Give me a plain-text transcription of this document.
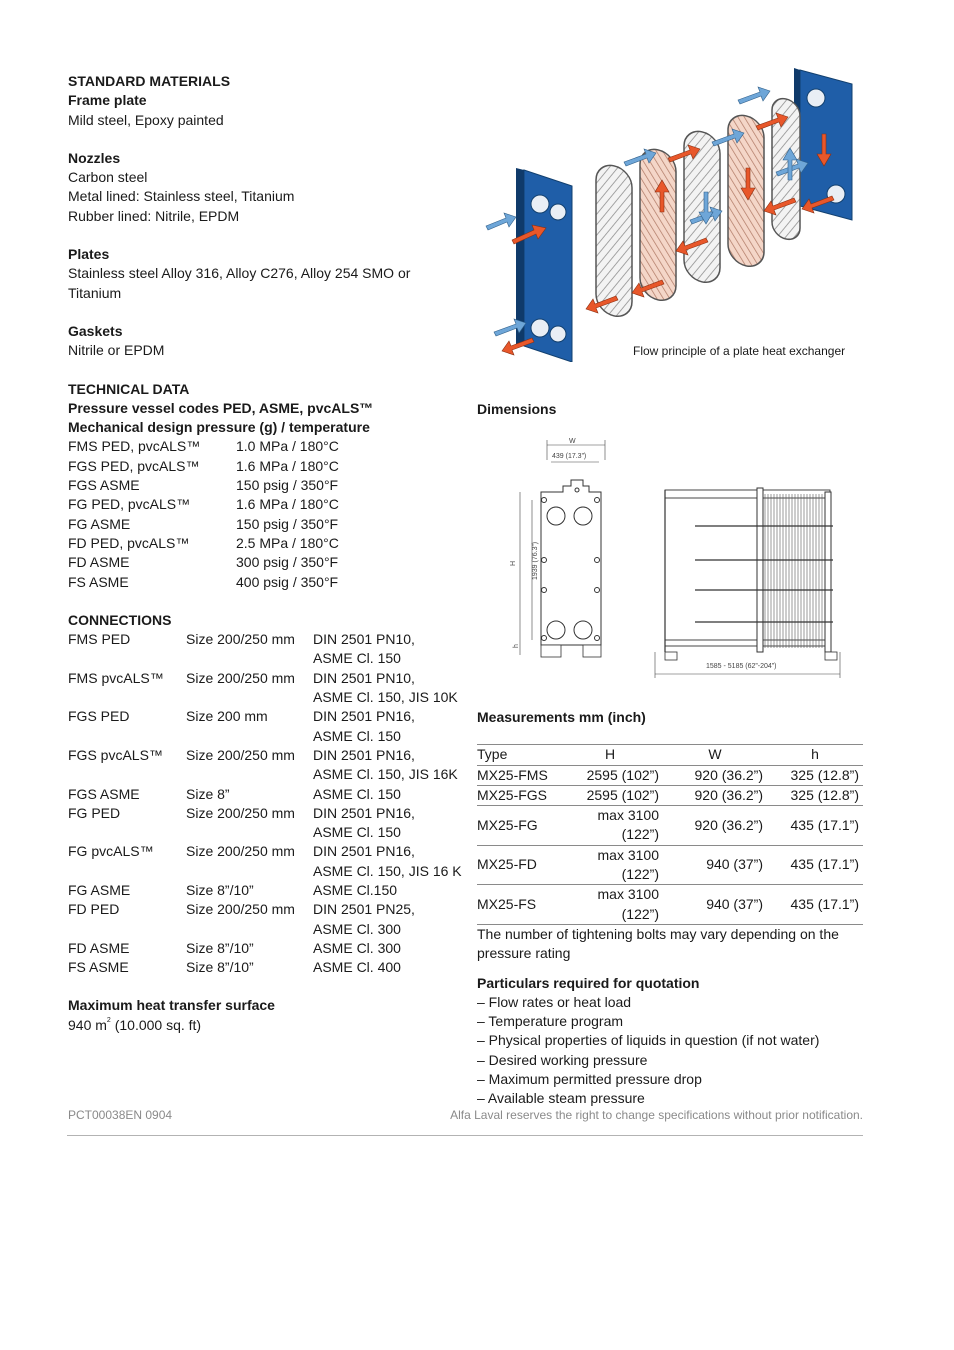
STANDARD MATERIALS
Frame plate
Mild steel, Epoxy painted
Nozzles
Carbon steel
Metal lined: Stainless steel, Titanium
Rubber lined: Nitrile, EPDM
Plates
Stainless steel Alloy 316, Alloy C276, Alloy 254 SMO or
Titanium
Gaskets
Nitrile or EPDM
TECHNICAL DATA
Pressure vessel codes PED, ASME, pvcALS™
Mechanical design pressure (g) / temperature
FMS PED, pvcALS™	1.0 MPa / 180°C
FGS PED, pvcALS™	1.6 MPa / 180°C
FGS ASME	150 psig / 350°F
FG PED, pvcALS™	1.6 MPa / 180°C
FG ASME	150 psig / 350°F
FD PED, pvcALS™	2.5 MPa / 180°C
FD ASME	300 psig / 350°F
FS ASME	400 psig / 350°F
CONNECTIONS
FMS PED	Size 200/250 mm	DIN 2501 PN10,
ASME Cl. 150
FMS pvcALS™	Size 200/250 mm	DIN 2501 PN10,
ASME Cl. 150, JIS 10K
FGS PED	Size 200 mm	DIN 2501 PN16,
ASME Cl. 150
FGS pvcALS™	Size 200/250 mm	DIN 2501 PN16,
ASME Cl. 150, JIS 16K
FGS ASME	Size 8”	ASME Cl. 150
FG PED	Size 200/250 mm	DIN 2501 PN16,
ASME Cl. 150
FG pvcALS™	Size 200/250 mm	DIN 2501 PN16,
ASME Cl. 150, JIS 16 K
FG ASME	Size 8”/10”	ASME Cl.150
FD PED	Size 200/250 mm	DIN 2501 PN25,
ASME Cl. 300
FD ASME	Size 8”/10”	ASME Cl. 300
FS ASME	Size 8”/10”	ASME Cl. 400
Maximum heat transfer surface
940 $m^2$ (10.000 sq. ft)
Flow principle of a plate heat exchanger
Dimensions
W
439 (17.3”)
H 1939 (76.3”)
h
1585 - 5185 (62”-204”)
Measurements mm (inch)
Type	H	W	h
MX25-FMS	2595 (102”)	920 (36.2”)	325 (12.8”)
MX25-FGS	2595 (102”)	920 (36.2”)	325 (12.8”)
MX25-FG	max 3100 (122”)	920 (36.2”)	435 (17.1”)
MX25-FD	max 3100 (122”)	940 (37”)	435 (17.1”)
MX25-FS	max 3100 (122”)	940 (37”)	435 (17.1”)
The number of tightening bolts may vary depending on the
pressure rating
Particulars required for quotation
– Flow rates or heat load
– Temperature program
– Physical properties of liquids in question (if not water)
– Desired working pressure
– Maximum permitted pressure drop
– Available steam pressure
PCT00038EN 0904	Alfa Laval reserves the right to change specifications without prior notification.
